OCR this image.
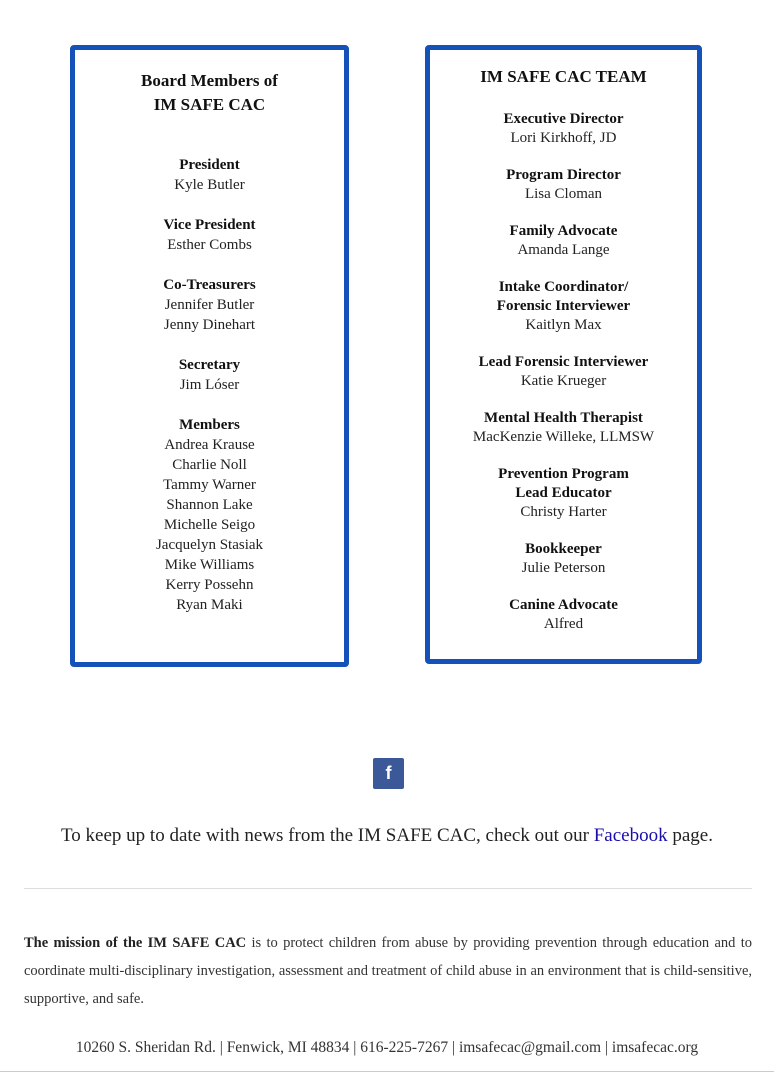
Board Members of
IM SAFE CAC
President
Kyle Butler
Vice President
Esther Combs
Co-Treasurers
Jennifer Butler
Jenny Dinehart
Secretary
Jim Lóser
Members
Andrea Krause
Charlie Noll
Tammy Warner
Shannon Lake
Michelle Seigo
Jacquelyn Stasiak
Mike Williams
Kerry Possehn
Ryan Maki
IM SAFE CAC TEAM
Executive Director
Lori Kirkhoff, JD
Program Director
Lisa Cloman
Family Advocate
Amanda Lange
Intake Coordinator/
Forensic Interviewer
Kaitlyn Max
Lead Forensic Interviewer
Katie Krueger
Mental Health Therapist
MacKenzie Willeke, LLMSW
Prevention Program
Lead Educator
Christy Harter
Bookkeeper
Julie Peterson
Canine Advocate
Alfred
f
To keep up to date with news from the IM SAFE CAC, check out our Facebook page.
The mission of the IM SAFE CAC is to protect children from abuse by providing prevention through education and to coordinate multi-disciplinary investigation, assessment and treatment of child abuse in an environment that is child-sensitive, supportive, and safe.
10260 S. Sheridan Rd. | Fenwick, MI 48834 | 616-225-7267 | imsafecac@gmail.com | imsafecac.org
